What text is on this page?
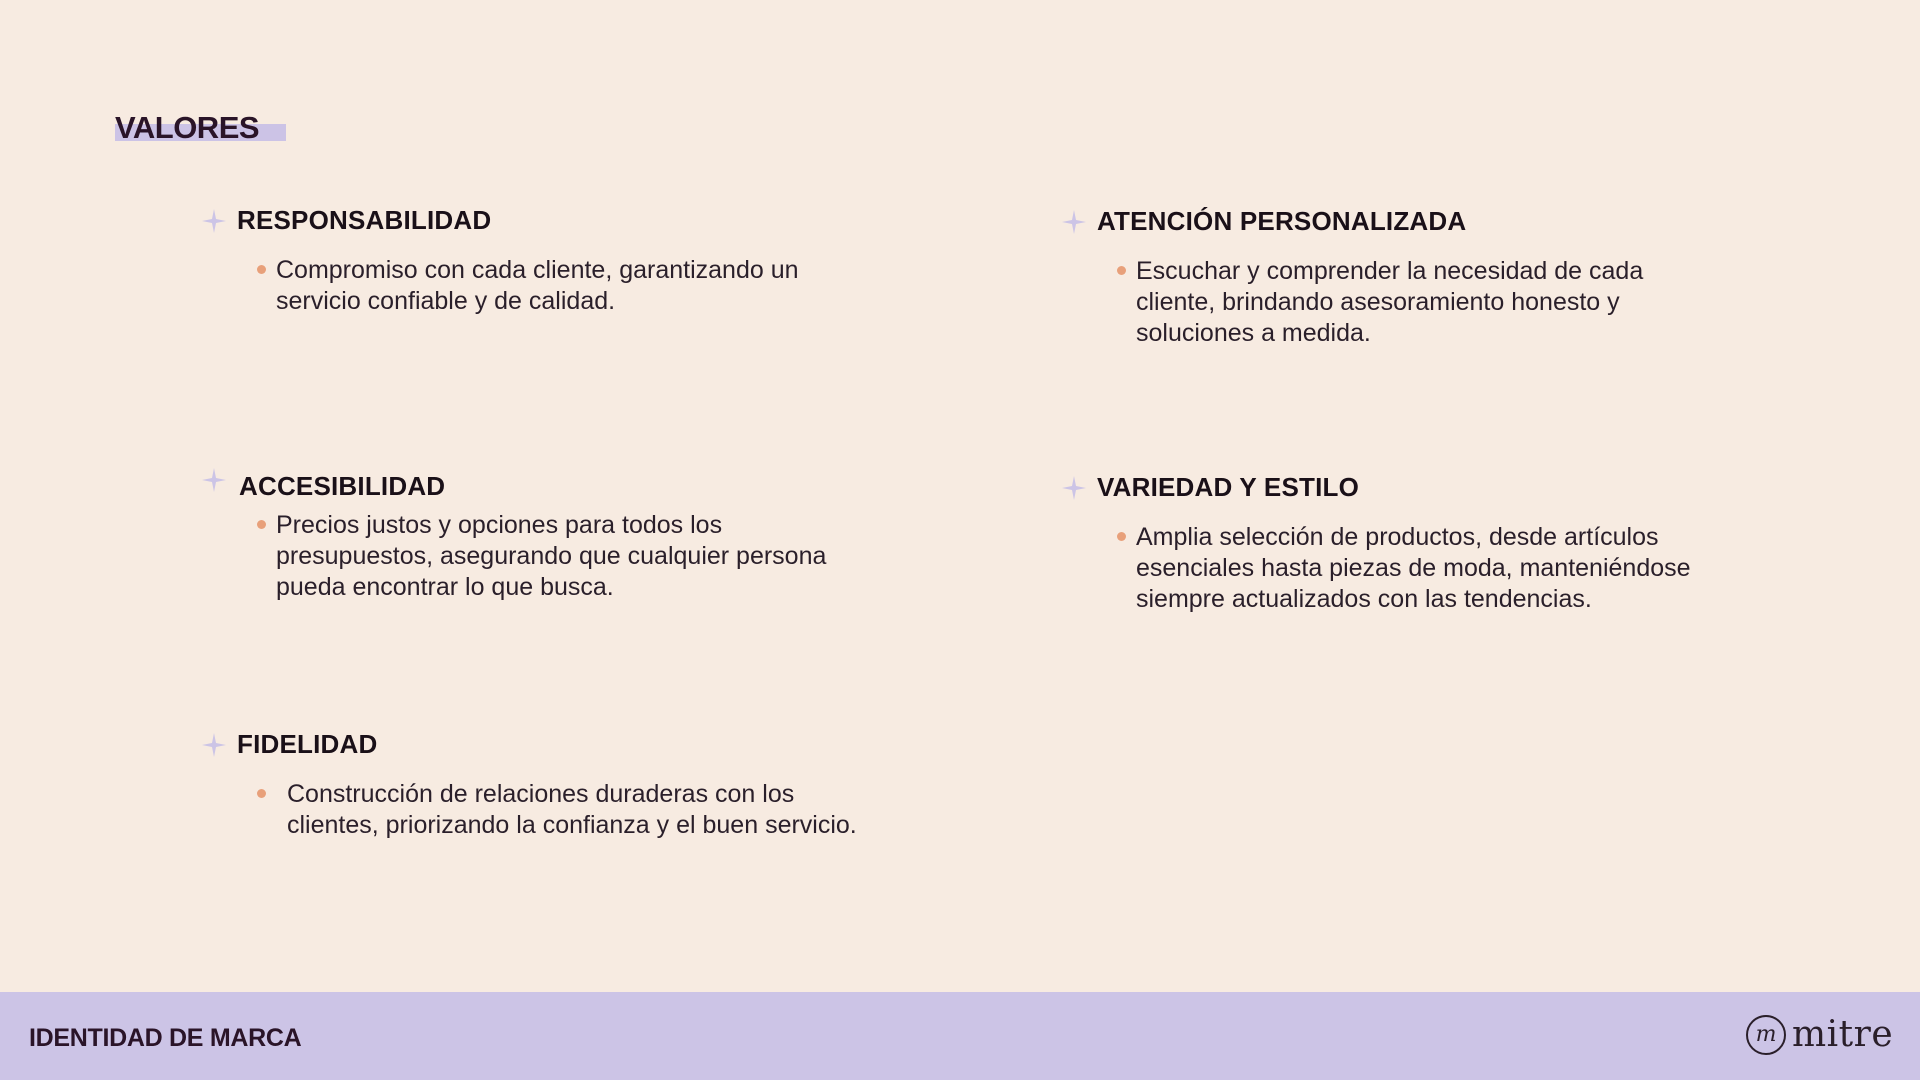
VALORES
RESPONSABILIDAD
Compromiso con cada cliente, garantizando un servicio confiable y de calidad.
ATENCIÓN PERSONALIZADA
Escuchar y comprender la necesidad de cada cliente, brindando asesoramiento honesto y soluciones a medida.
ACCESIBILIDAD
Precios justos y opciones para todos los presupuestos, asegurando que cualquier persona pueda encontrar lo que busca.
VARIEDAD Y ESTILO
Amplia selección de productos, desde artículos esenciales hasta piezas de moda, manteniéndose siempre actualizados con las tendencias.
FIDELIDAD
Construcción de relaciones duraderas con los clientes, priorizando la confianza y el buen servicio.
IDENTIDAD DE MARCA	m mitre
